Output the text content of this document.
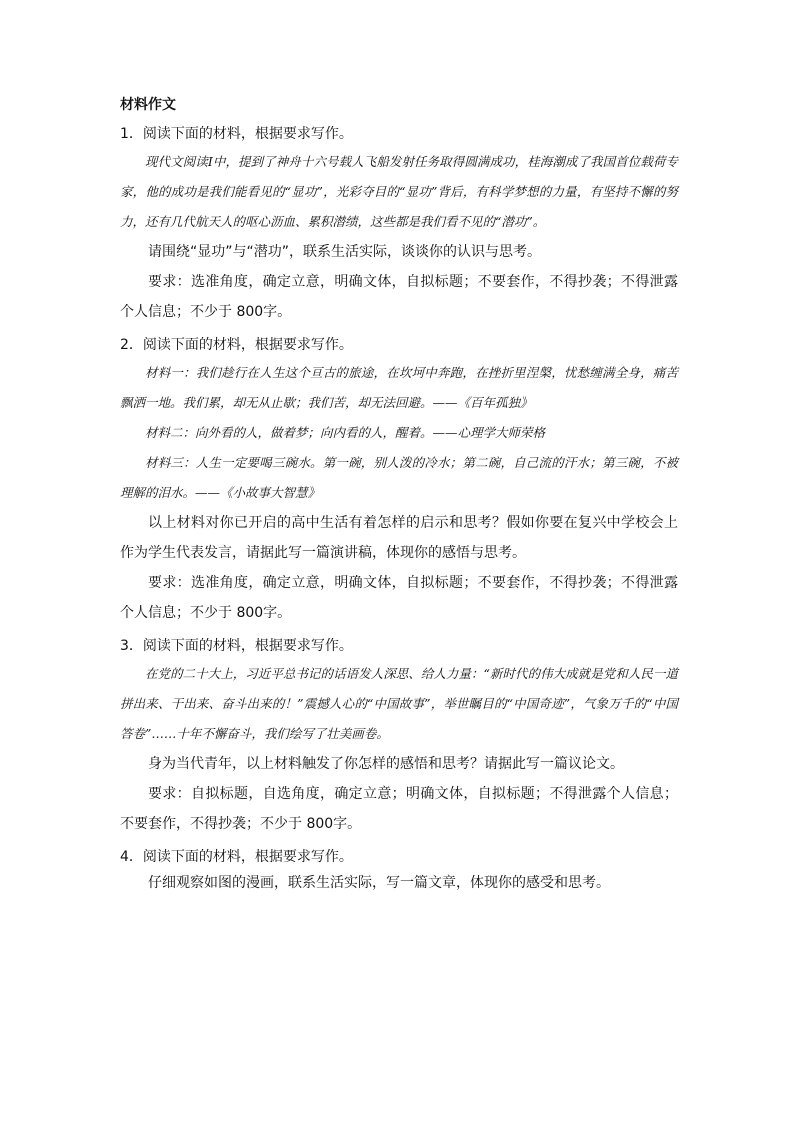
材料作文

1．阅读下面的材料，根据要求写作。

现代文阅读Ⅰ中，提到了神舟十六号载人飞船发射任务取得圆满成功，桂海潮成了我国首位载荷专家，他的成功是我们能看见的“显功”，光彩夺目的“显功”背后，有科学梦想的力量，有坚持不懈的努力，还有几代航天人的呕心沥血、累积潜绩，这些都是我们看不见的“潜功”。

请围绕“显功”与“潜功”，联系生活实际，谈谈你的认识与思考。

要求：选准角度，确定立意，明确文体，自拟标题；不要套作，不得抄袭；不得泄露个人信息；不少于 800字。

2．阅读下面的材料，根据要求写作。

材料一：我们趁行在人生这个亘古的旅途，在坎坷中奔跑，在挫折里涅槃，忧愁缠满全身，痛苦飘洒一地。我们累，却无从止歇；我们苦，却无法回避。——《百年孤独》

材料二：向外看的人，做着梦；向内看的人，醒着。——心理学大师荣格

材料三：人生一定要喝三碗水。第一碗，别人泼的冷水；第二碗，自己流的汗水；第三碗，不被理解的泪水。——《小故事大智慧》

以上材料对你已开启的高中生活有着怎样的启示和思考？假如你要在复兴中学校会上作为学生代表发言，请据此写一篇演讲稿，体现你的感悟与思考。

要求：选准角度，确定立意，明确文体，自拟标题；不要套作，不得抄袭；不得泄露个人信息；不少于 800字。

3．阅读下面的材料，根据要求写作。

在党的二十大上，习近平总书记的话语发人深思、给人力量：“新时代的伟大成就是党和人民一道拼出来、干出来、奋斗出来的！”震撼人心的“中国故事”，举世瞩目的“中国奇迹”，气象万千的“中国答卷”……十年不懈奋斗，我们绘写了壮美画卷。

身为当代青年，以上材料触发了你怎样的感悟和思考？请据此写一篇议论文。

要求：自拟标题，自选角度，确定立意；明确文体，自拟标题；不得泄露个人信息；不要套作，不得抄袭；不少于 800字。

4．阅读下面的材料，根据要求写作。

仔细观察如图的漫画，联系生活实际，写一篇文章，体现你的感受和思考。
